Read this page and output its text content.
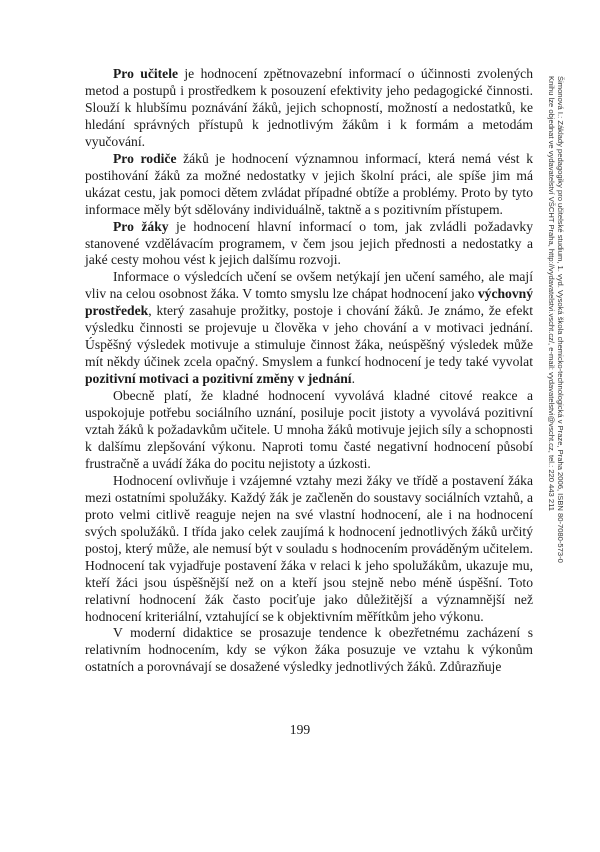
Pro učitele je hodnocení zpětnovazební informací o účinnosti zvolených metod a postupů i prostředkem k posouzení efektivity jeho pedagogické činnosti. Slouží k hlubšímu poznávání žáků, jejich schopností, možností a nedostatků, ke hledání správných přístupů k jednotlivým žákům i k formám a metodám vyučování.

Pro rodiče žáků je hodnocení významnou informací, která nemá vést k postihování žáků za možné nedostatky v jejich školní práci, ale spíše jim má ukázat cestu, jak pomoci dětem zvládat případné obtíže a problémy. Proto by tyto informace měly být sdělovány individuálně, taktně a s pozitivním přístupem.

Pro žáky je hodnocení hlavní informací o tom, jak zvládli požadavky stanovené vzdělávacím programem, v čem jsou jejich přednosti a nedostatky a jaké cesty mohou vést k jejich dalšímu rozvoji.

Informace o výsledcích učení se ovšem netýkají jen učení samého, ale mají vliv na celou osobnost žáka. V tomto smyslu lze chápat hodnocení jako výchovný prostředek, který zasahuje prožitky, postoje i chování žáků. Je známo, že efekt výsledku činnosti se projevuje u člověka v jeho chování a v motivaci jednání. Úspěšný výsledek motivuje a stimuluje činnost žáka, neúspěšný výsledek může mít někdy účinek zcela opačný. Smyslem a funkcí hodnocení je tedy také vyvolat pozitivní motivaci a pozitivní změny v jednání.

Obecně platí, že kladné hodnocení vyvolává kladné citové reakce a uspokojuje potřebu sociálního uznání, posiluje pocit jistoty a vyvolává pozitivní vztah žáků k požadavkům učitele. U mnoha žáků motivuje jejich síly a schopnosti k dalšímu zlepšování výkonu. Naproti tomu časté negativní hodnocení působí frustračně a uvádí žáka do pocitu nejistoty a úzkosti.

Hodnocení ovlivňuje i vzájemné vztahy mezi žáky ve třídě a postavení žáka mezi ostatními spolužáky. Každý žák je začleněn do soustavy sociálních vztahů, a proto velmi citlivě reaguje nejen na své vlastní hodnocení, ale i na hodnocení svých spolužáků. I třída jako celek zaujímá k hodnocení jednotlivých žáků určitý postoj, který může, ale nemusí být v souladu s hodnocením prováděným učitelem. Hodnocení tak vyjadřuje postavení žáka v relaci k jeho spolužákům, ukazuje mu, kteří žáci jsou úspěšnější než on a kteří jsou stejně nebo méně úspěšní. Toto relativní hodnocení žák často pociťuje jako důležitější a významnější než hodnocení kriteriální, vztahující se k objektivním měřítkům jeho výkonu.

V moderní didaktice se prosazuje tendence k obezřetnému zacházení s relativním hodnocením, kdy se výkon žáka posuzuje ve vztahu k výkonům ostatních a porovnávají se dosažené výsledky jednotlivých žáků. Zdůrazňuje

199
Šimonová I.: Základy pedagogiky pro učitelské studium, 1. vyd. Vysoká škola chemicko-technologická v Praze, Praha 2006, ISBN 80-7080-573-0
Knihu lze objednat ve vydavatelství VŠCHT Praha, http://vydavatelstvi.vscht.cz/, e-mail: vydavatelstvi@vscht.cz, tel.: 220 443 211
